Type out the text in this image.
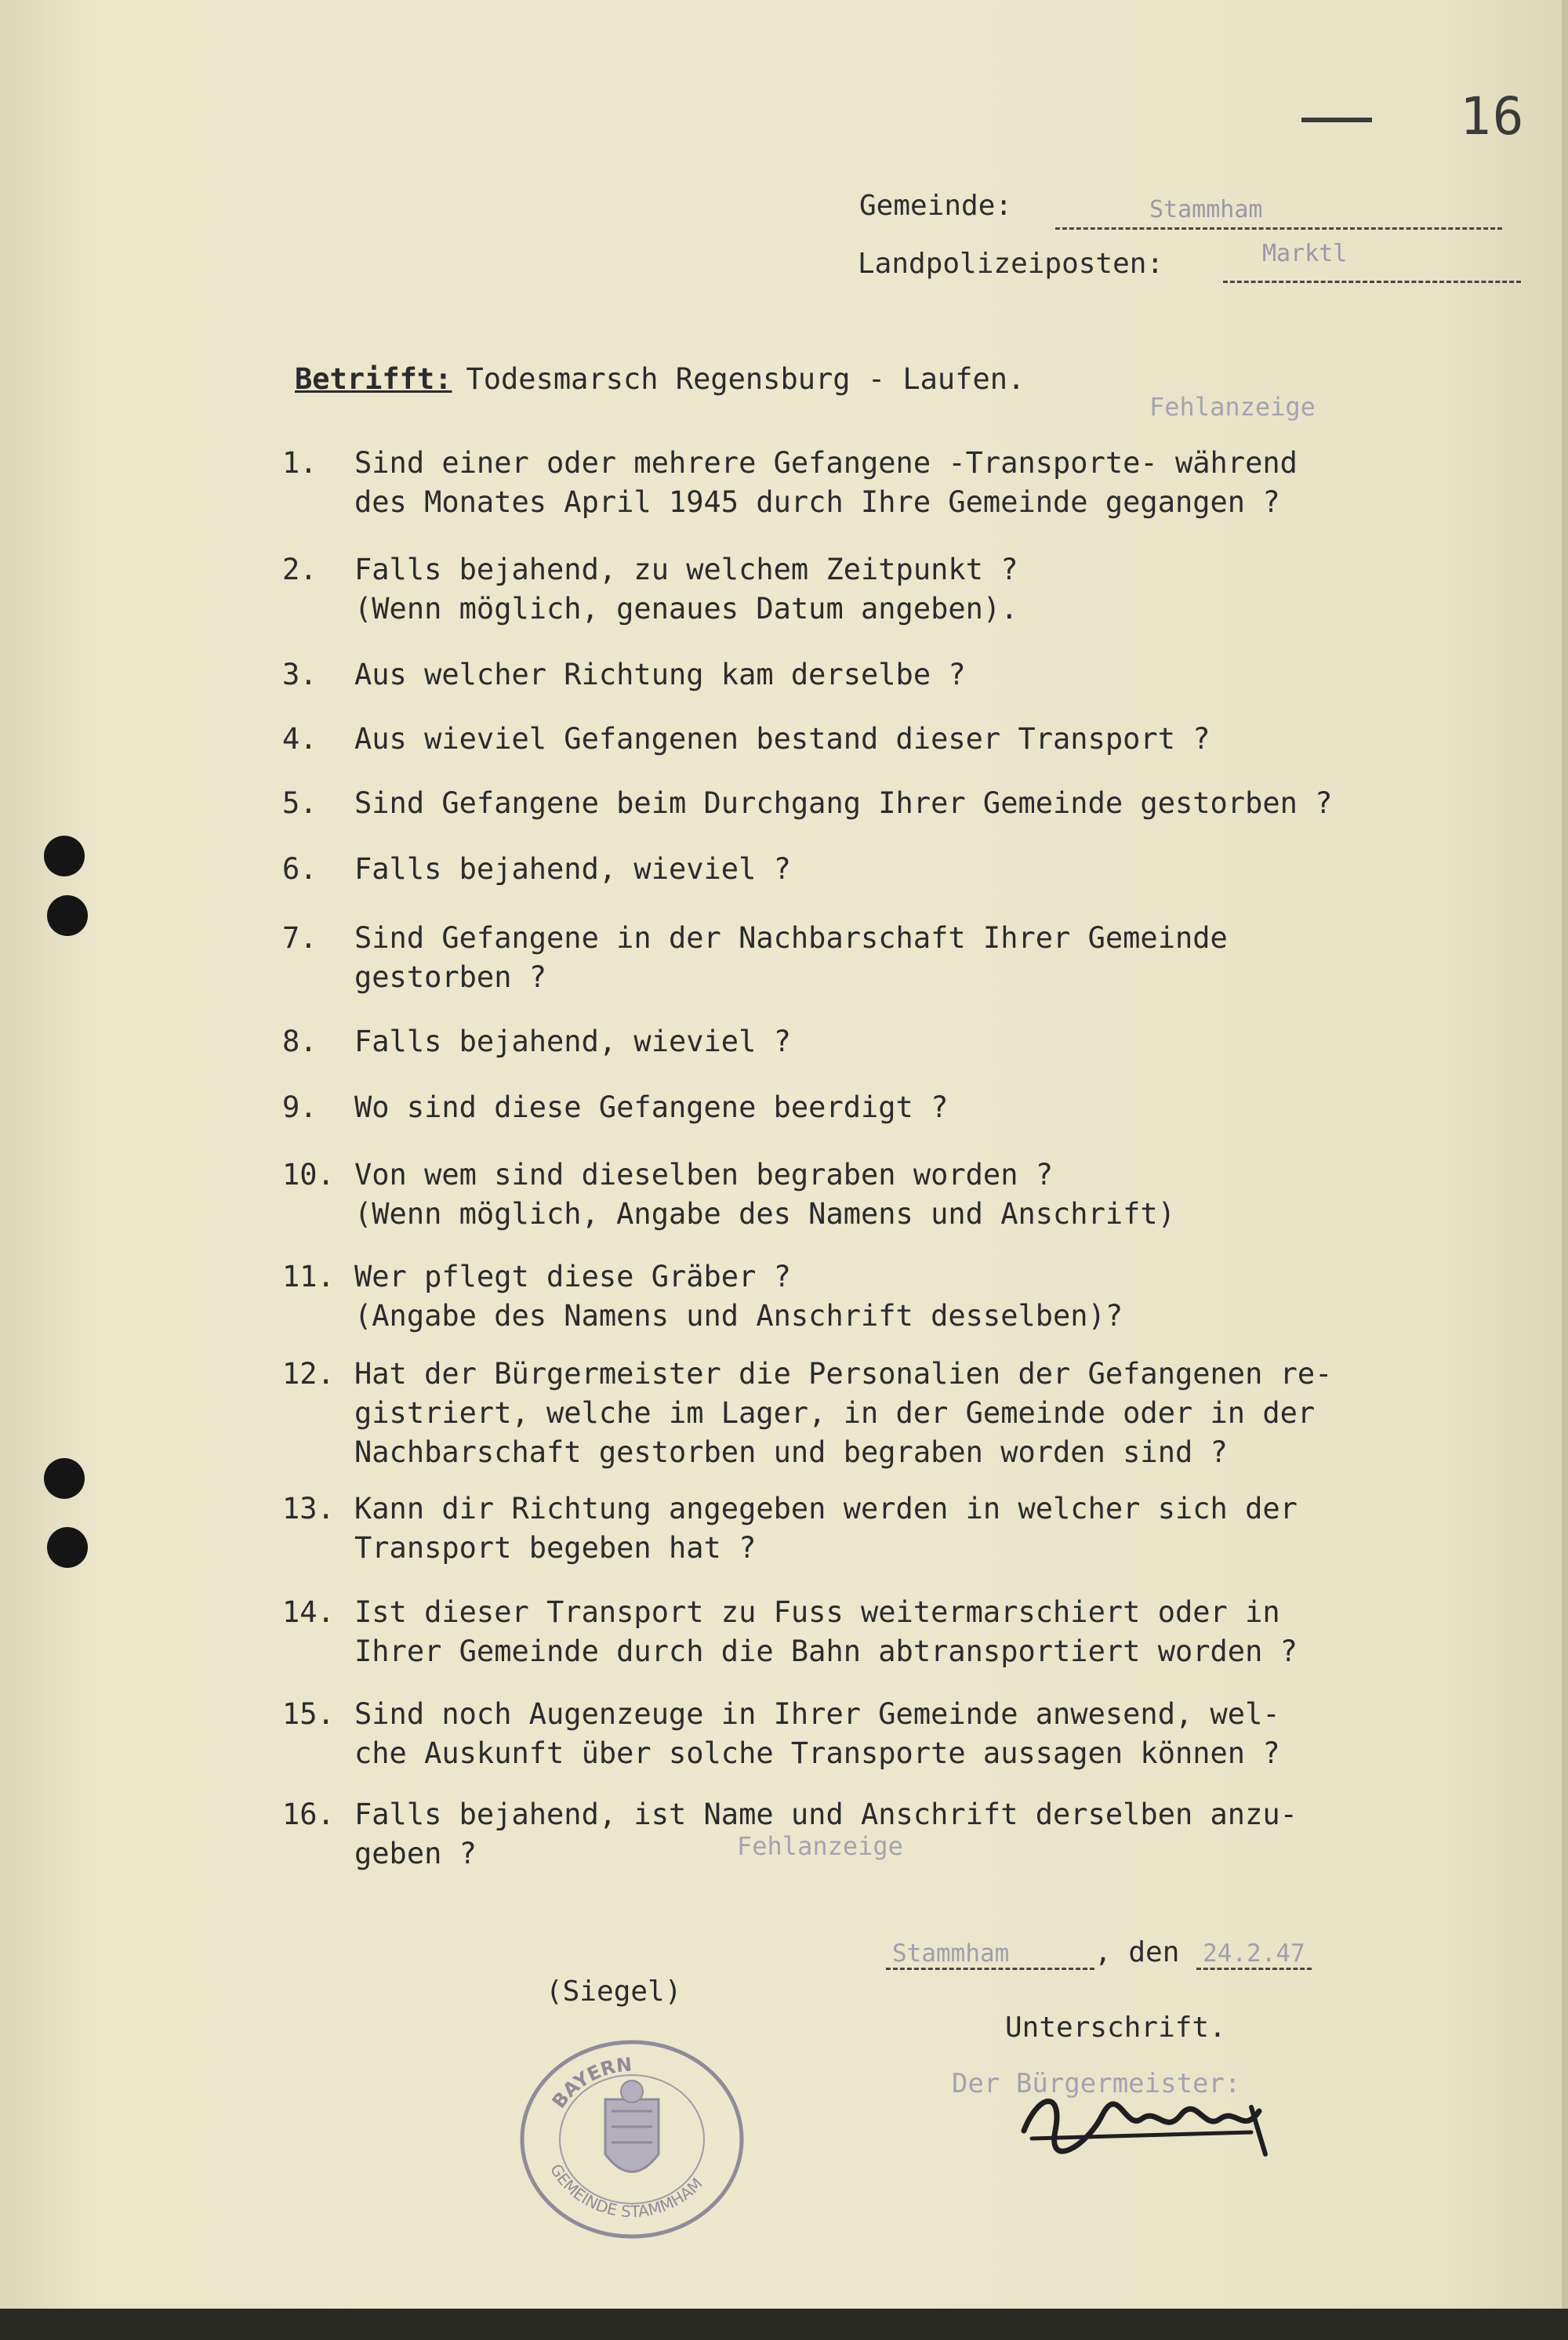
16
Gemeinde:	Stammham
Landpolizeiposten:	Marktl
Betrifft: Todesmarsch Regensburg - Laufen.
Fehlanzeige
1.	Sind einer oder mehrere Gefangene -Transporte- während
des Monates April 1945 durch Ihre Gemeinde gegangen ?
2.	Falls bejahend, zu welchem Zeitpunkt ?
(Wenn möglich, genaues Datum angeben).
3.	Aus welcher Richtung kam derselbe ?
4.	Aus wieviel Gefangenen bestand dieser Transport ?
5.	Sind Gefangene beim Durchgang Ihrer Gemeinde gestorben ?
6.	Falls bejahend, wieviel ?
7.	Sind Gefangene in der Nachbarschaft Ihrer Gemeinde
gestorben ?
8.	Falls bejahend, wieviel ?
9.	Wo sind diese Gefangene beerdigt ?
10. Von wem sind dieselben begraben worden ?
(Wenn möglich, Angabe des Namens und Anschrift)
11. Wer pflegt diese Gräber ?
(Angabe des Namens und Anschrift desselben)?
12. Hat der Bürgermeister die Personalien der Gefangenen re-
gistriert, welche im Lager, in der Gemeinde oder in der
Nachbarschaft gestorben und begraben worden sind ?
13. Kann dir Richtung angegeben werden in welcher sich der
Transport begeben hat ?
14. Ist dieser Transport zu Fuss weitermarschiert oder in
Ihrer Gemeinde durch die Bahn abtransportiert worden ?
15. Sind noch Augenzeuge in Ihrer Gemeinde anwesend, wel-
che Auskunft über solche Transporte aussagen können ?
16. Falls bejahend, ist Name und Anschrift derselben anzu-
geben ?	Fehlanzeige
Stammham	, den 24.2.47
(Siegel)
Unterschrift.
Der Bürgermeister:
BAYERN
GEMEINDE STAMMHAM
